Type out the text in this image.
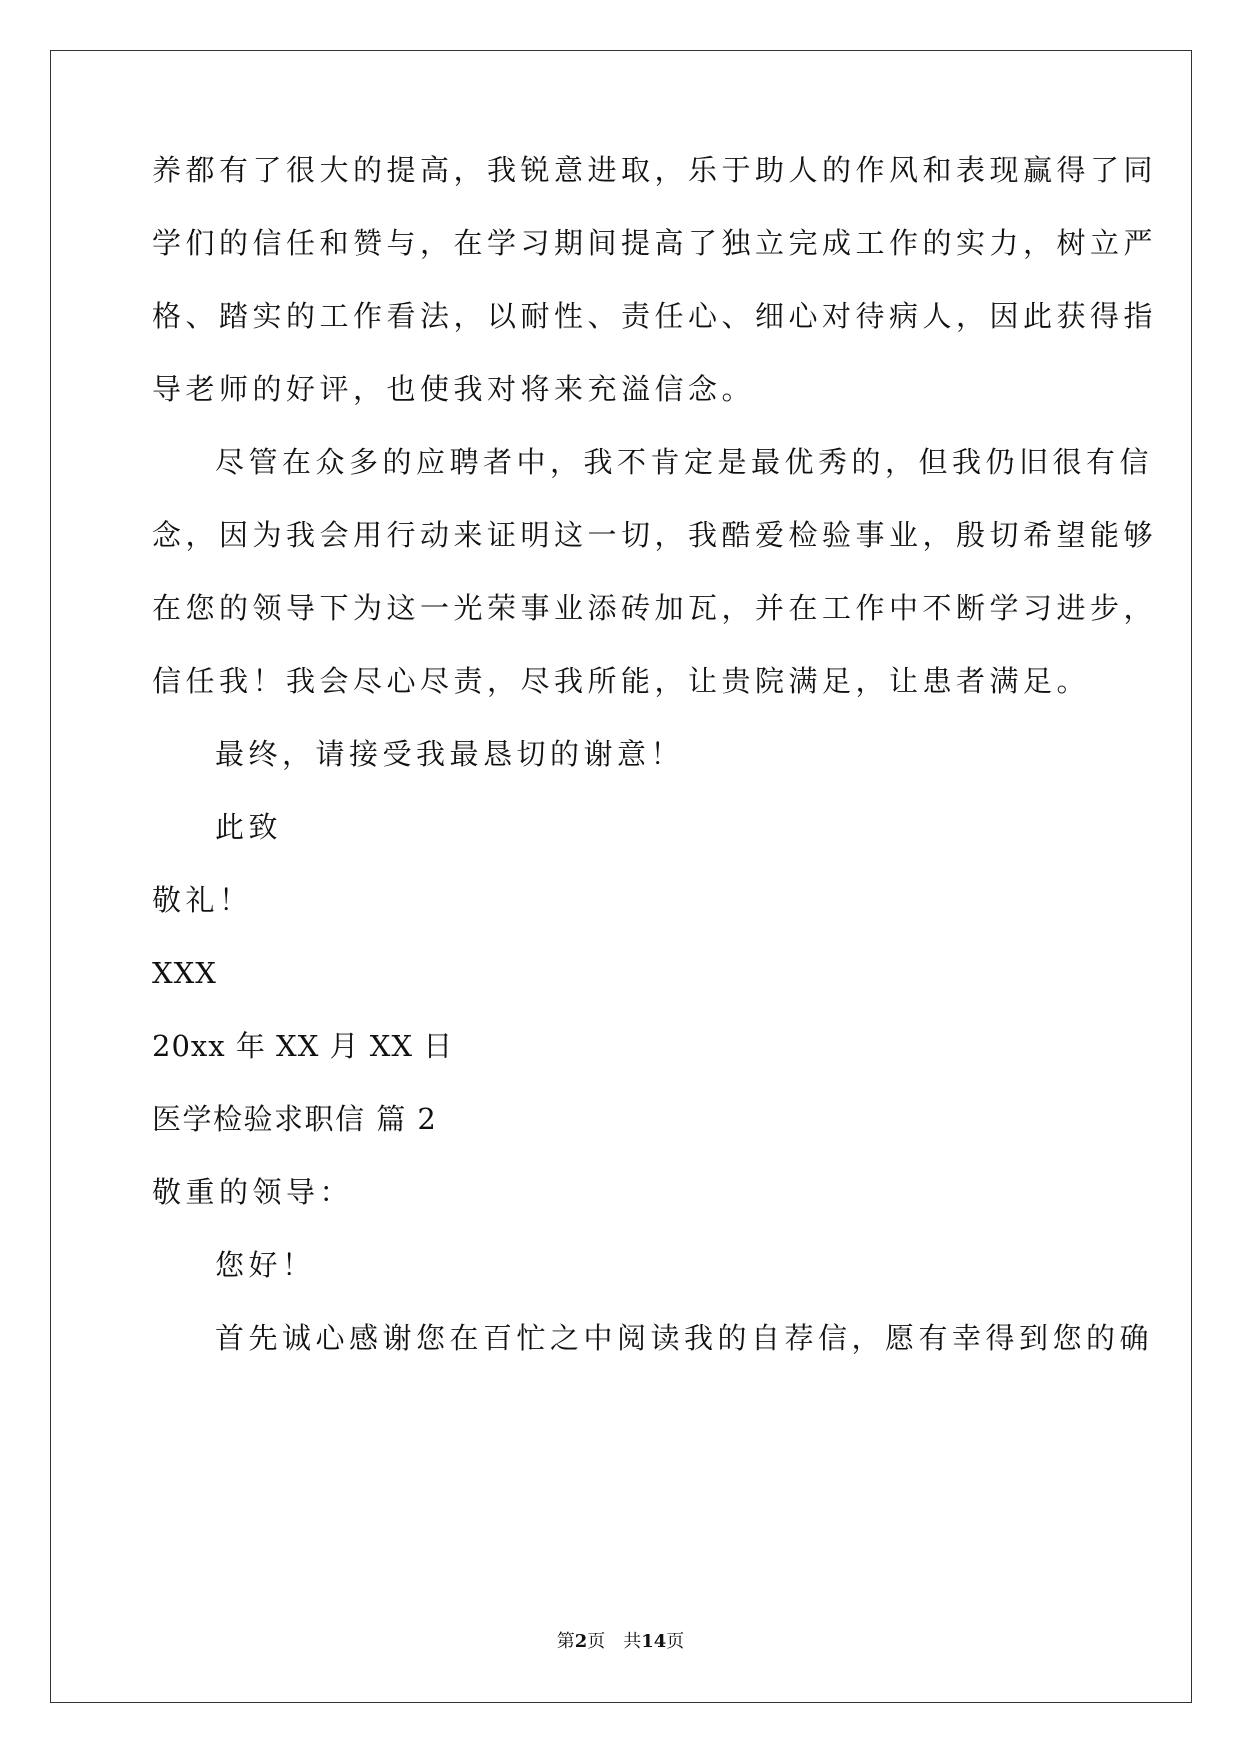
养都有了很大的提高，我锐意进取，乐于助人的作风和表现赢得了同
学们的信任和赞与，在学习期间提高了独立完成工作的实力，树立严
格、踏实的工作看法，以耐性、责任心、细心对待病人，因此获得指
导老师的好评，也使我对将来充溢信念。
尽管在众多的应聘者中，我不肯定是最优秀的，但我仍旧很有信
念，因为我会用行动来证明这一切，我酷爱检验事业，殷切希望能够
在您的领导下为这一光荣事业添砖加瓦，并在工作中不断学习进步，
信任我！我会尽心尽责，尽我所能，让贵院满足，让患者满足。
最终，请接受我最恳切的谢意！
此致
敬礼！
XXX
20xx 年 XX 月 XX 日
医学检验求职信 篇 2
敬重的领导：
您好！
首先诚心感谢您在百忙之中阅读我的自荐信，愿有幸得到您的确
第2页 共14页
